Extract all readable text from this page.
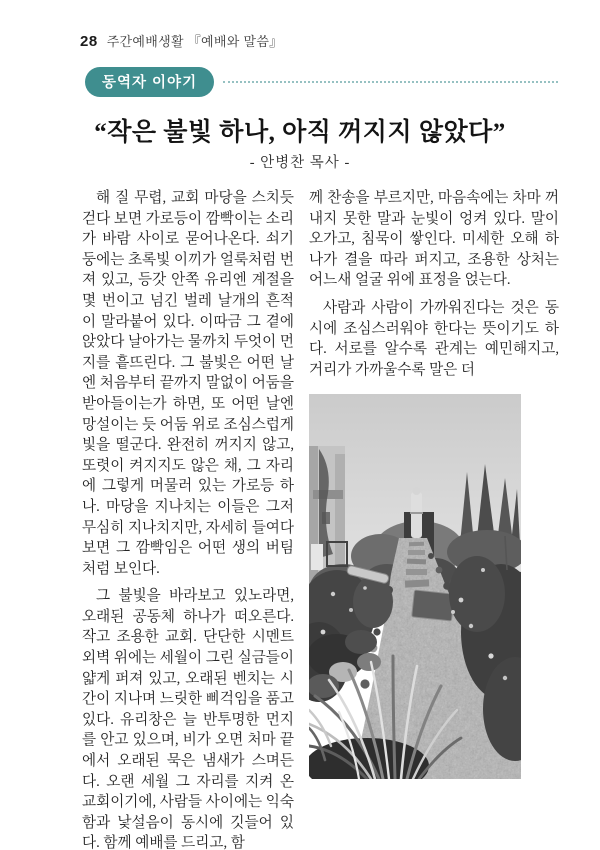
28 주간예배생활 『예배와 말씀』
동역자 이야기
“작은 불빛 하나, 아직 꺼지지 않았다”
- 안병찬 목사 -

해 질 무렵, 교회 마당을 스치듯 걷다 보면 가로등이 깜빡이는 소리가 바람 사이로 묻어나온다. 쇠기둥에는 초록빛 이끼가 얼룩처럼 번져 있고, 등갓 안쪽 유리엔 계절을 몇 번이고 넘긴 벌레 날개의 흔적이 말라붙어 있다. 이따금 그 곁에 앉았다 날아가는 물까치 두엇이 먼지를 흩뜨린다. 그 불빛은 어떤 날엔 처음부터 끝까지 말없이 어둠을 받아들이는가 하면, 또 어떤 날엔 망설이는 듯 어둠 위로 조심스럽게 빛을 떨군다. 완전히 꺼지지 않고, 또렷이 켜지지도 않은 채, 그 자리에 그렇게 머물러 있는 가로등 하나. 마당을 지나치는 이들은 그저 무심히 지나치지만, 자세히 들여다보면 그 깜빡임은 어떤 생의 버팀처럼 보인다.

그 불빛을 바라보고 있노라면, 오래된 공동체 하나가 떠오른다. 작고 조용한 교회. 단단한 시멘트 외벽 위에는 세월이 그린 실금들이 얇게 퍼져 있고, 오래된 벤치는 시간이 지나며 느릿한 삐걱임을 품고 있다. 유리창은 늘 반투명한 먼지를 안고 있으며, 비가 오면 처마 끝에서 오래된 묵은 냄새가 스며든다. 오랜 세월 그 자리를 지켜 온 교회이기에, 사람들 사이에는 익숙함과 낯설음이 동시에 깃들어 있다. 함께 예배를 드리고, 함

께 찬송을 부르지만, 마음속에는 차마 꺼내지 못한 말과 눈빛이 엉켜 있다. 말이 오가고, 침묵이 쌓인다. 미세한 오해 하나가 결을 따라 퍼지고, 조용한 상처는 어느새 얼굴 위에 표정을 얹는다.

사람과 사람이 가까워진다는 것은 동시에 조심스러워야 한다는 뜻이기도 하다. 서로를 알수록 관계는 예민해지고, 거리가 가까울수록 말은 더
